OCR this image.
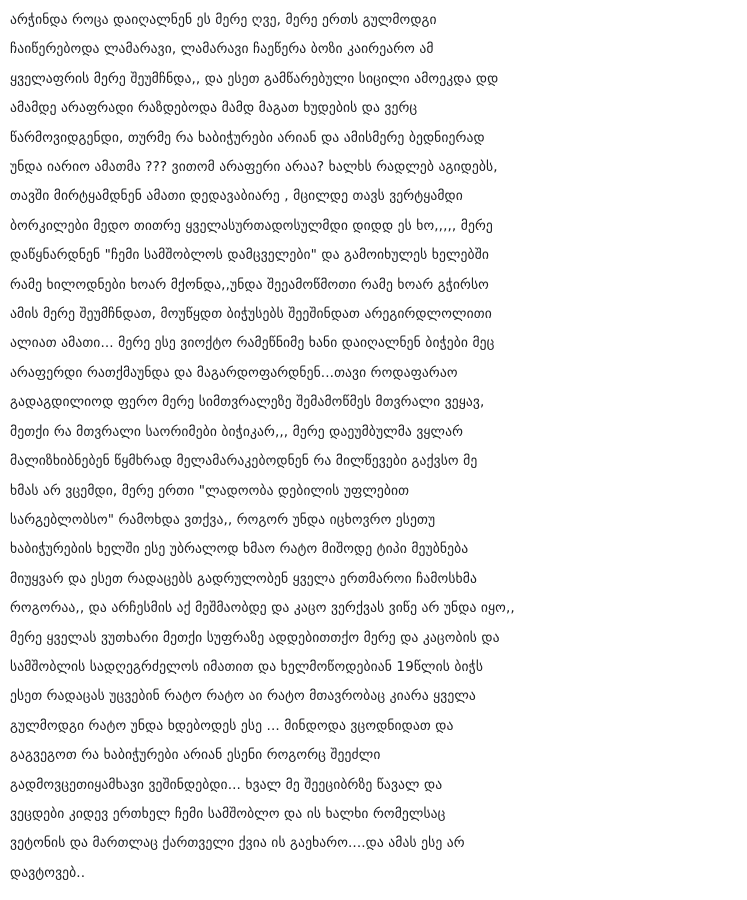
არჭინდა როცა დაიღალნენ ეს მერე ღვე, მერე ერთს გულმოდგი
ჩაიწერებოდა ლამარავი, ლამარავი ჩაეწერა ბოზი კაირეარო ამ
ყველაფრის მერე შეუმჩნდა,, და ესეთ გამწარებული სიცილი ამოეკდა დდ
ამამდე არაფრადი რაზდებოდა მამდ მაგათ ხუდების და ვერც
წარმოვიდგენდი, თურმე რა ხაბიჭურები არიან და ამისმერე ბედნიერად
უნდა იარიო ამათმა ??? ვითომ არაფერი არაა? ხალხს რადლებ აგიდებს,
თავში მირტყამდნენ ამათი დედავაბიარე , მცილდე თავს ვერტყამდი
ბორკილები მედო თითრე ყველასურთადოსულმდი დიდდ ეს ხო,,,,, მერე
დაწყნარდნენ "ჩემი სამშობლოს დამცველები" და გამოიხულეს ხელებში
რამე ხილოდნები ხოარ მქონდა,,უნდა შეეამოწმოთი რამე ხოარ გჭირსო
ამის მერე შეუმჩნდათ, მოუწყდთ ბიჭუსებს შეეშინდათ არეგირდლოლითი
ალიათ ამათი... მერე ესე ვიოქტო რამეწნიმე ხანი დაიღალნენ ბიჭები მეც
არაფერდი რათქმაუნდა და მაგარდოფარდნენ...თავი როდაფარაო
გადაგდილიოდ ფერო მერე სიმთვრალეზე შემამოწმეს მთვრალი ვეყავ,
მეთქი რა მთვრალი საორიმები ბიჭიკარ,,, მერე დაეუმბულმა ვყლარ
მალიზხიბნებენ წყმხრად მელამარაკებოდნენ რა მილწევები გაქვსო მე
ხმას არ ვცემდი, მერე ერთი "ლადოობა დებილის უფლებით
სარგებლობსო" რამოხდა ვთქვა,, როგორ უნდა იცხოვრო ესეთუ
ხაბიჭურების ხელში ესე უბრალოდ ხმაო რატო მიშოდე ტიპი მეუბნება
მიუყვარ და ესეთ რადაცებს გადრულობენ ყველა ერთმაროი ჩამოსხმა
როგორაა,, და არჩესმის აქ მეშმაობდე და კაცო ვერქვას ვიწე არ უნდა იყო,,
მერე ყველას ვუთხარი მეთქი სუფრაზე ადდებითთქო მერე და კაცობის და
სამშობლის სადღეგრძელოს იმათით და ხელმოწოდებიან 19წლის ბიჭს
ესეთ რადაცას უცვებინ რატო რატო აი რატო მთავრობაც კიარა ყველა
გულმოდგი რატო უნდა ხდებოდეს ესე ... მინდოდა ვცოდნიდათ და
გაგვეგოთ რა ხაბიჭურები არიან ესენი როგორც შეეძლი
გადმოვცეთიყამხავი ვეშინდებდი... ხვალ მე შეეციბრზე წავალ და
ვეცდები კიდევ ერთხელ ჩემი სამშობლო და ის ხალხი რომელსაც
ვეტონის და მართლაც ქართველი ქვია ის გაეხარო....და ამას ესე არ
დავტოვებ..
